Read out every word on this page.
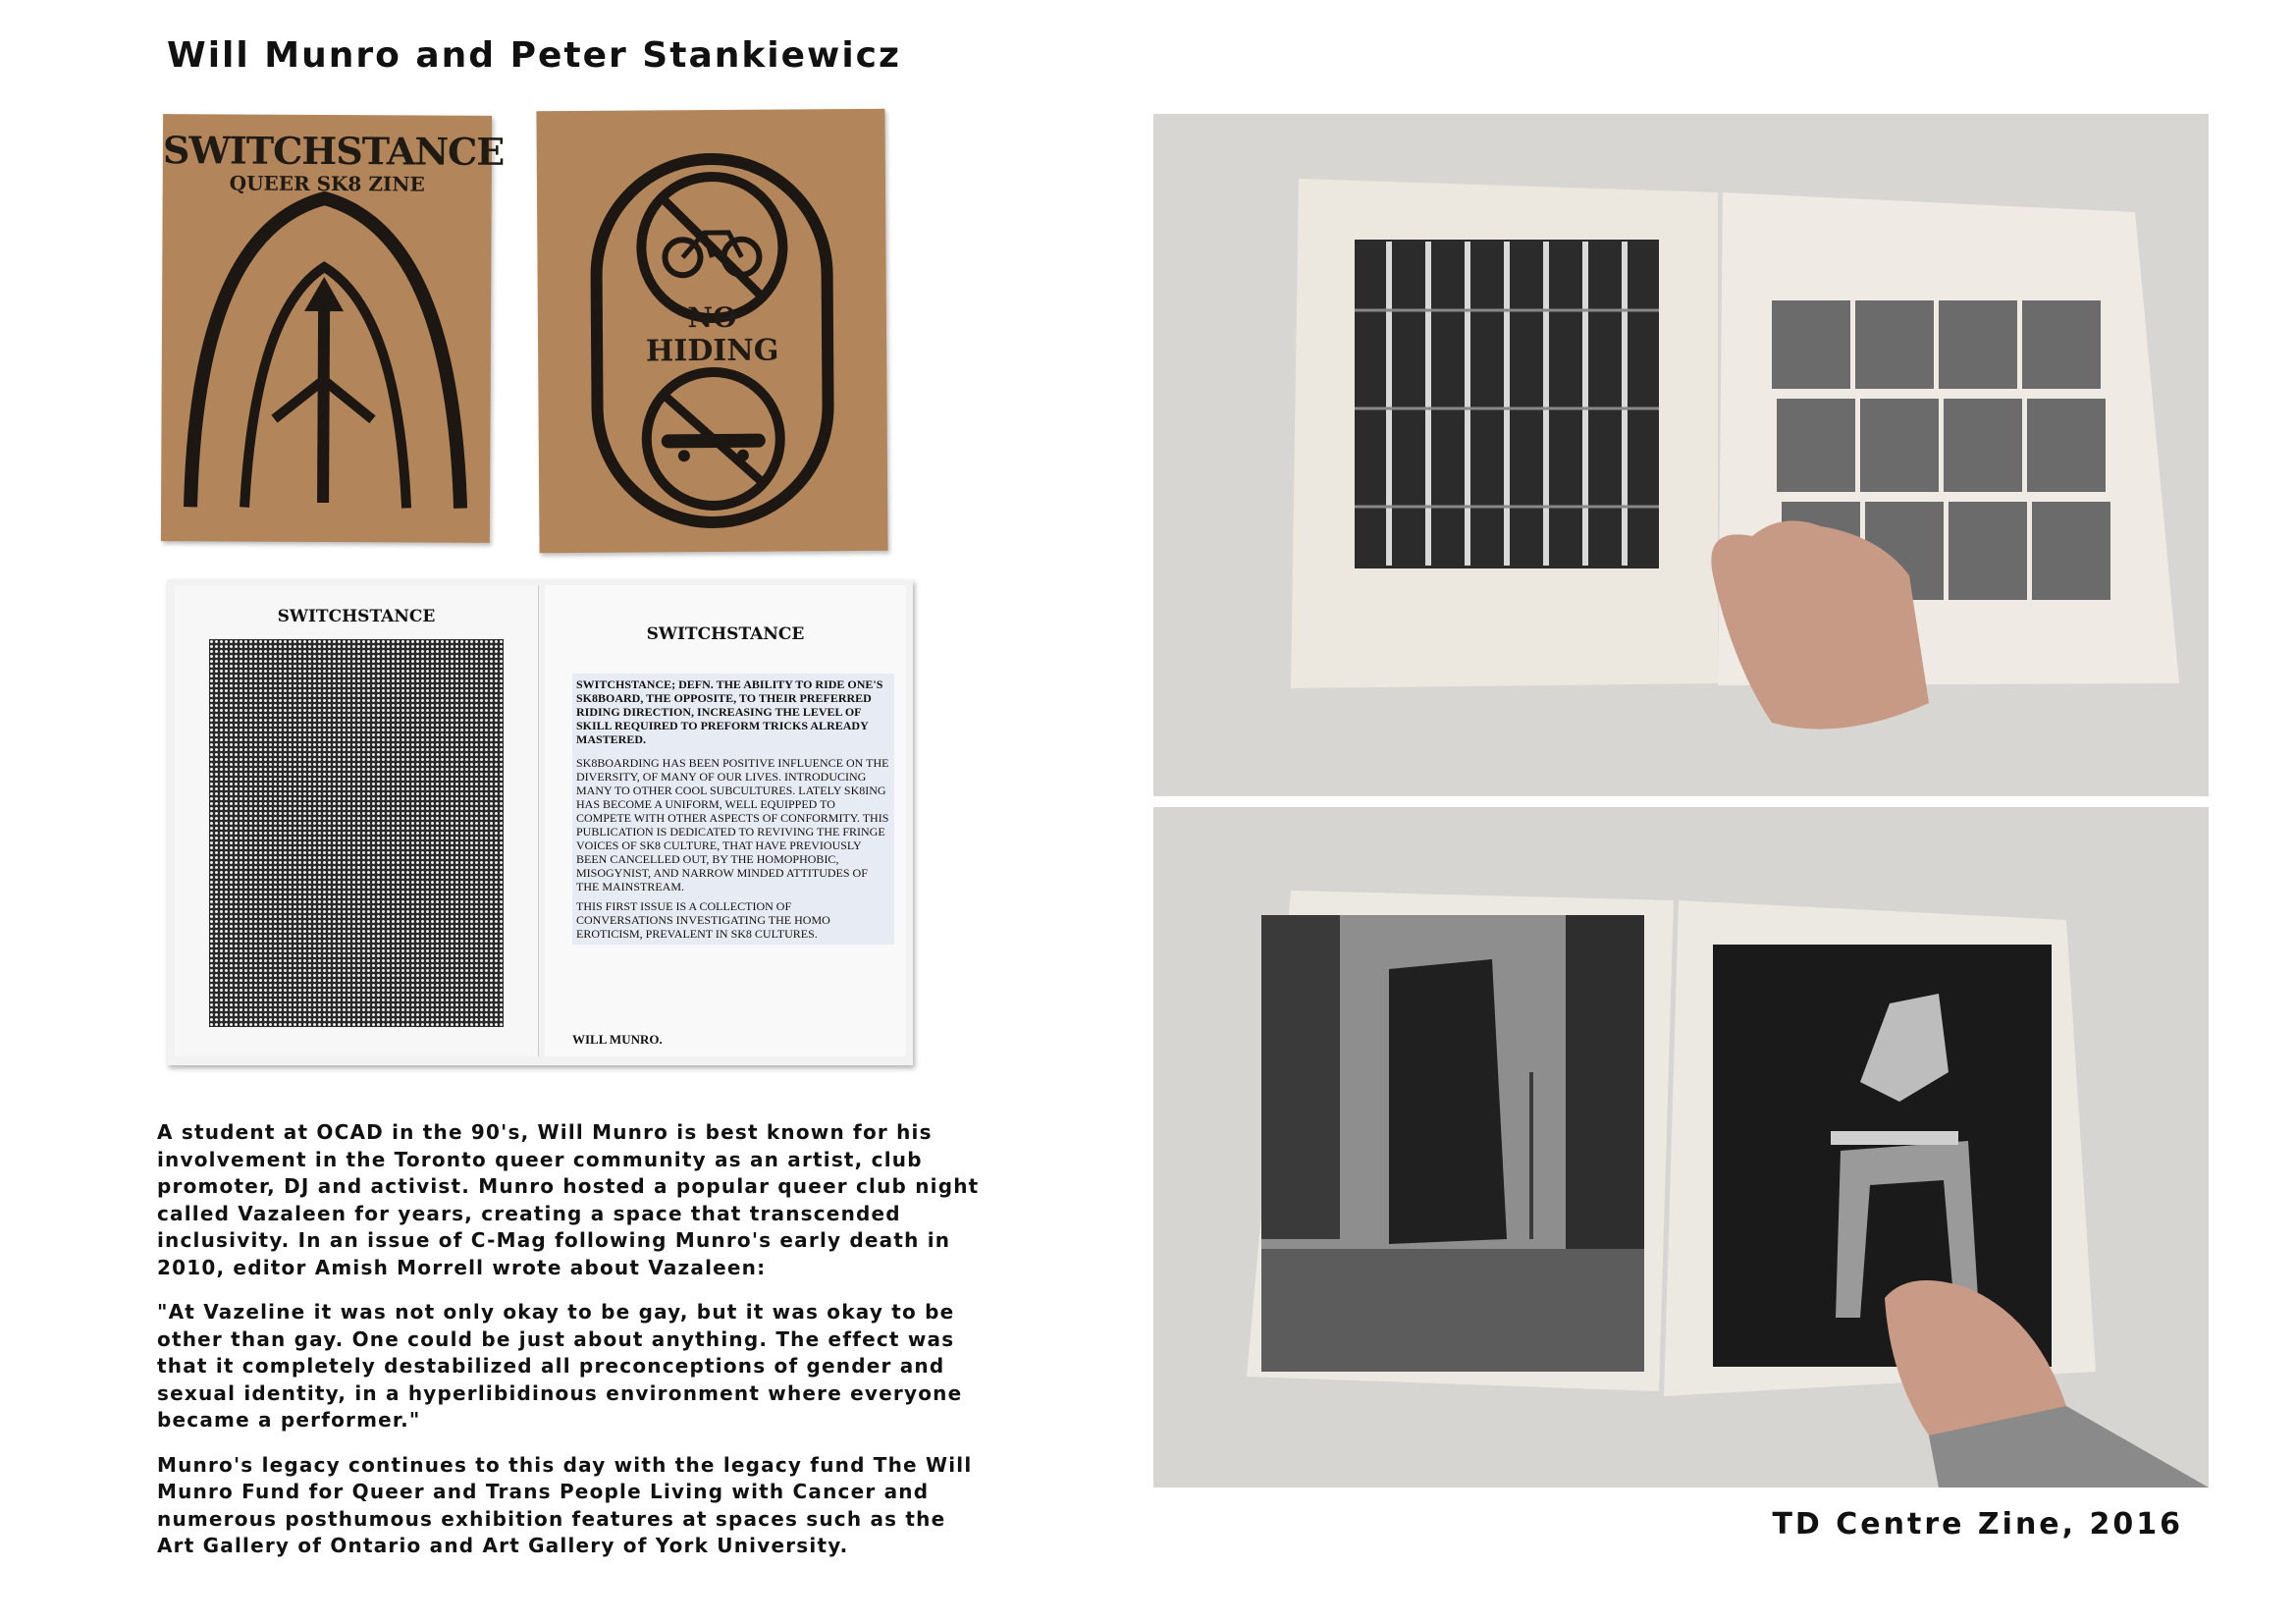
Will Munro and Peter Stankiewicz
SWITCHSTANCE
QUEER SK8 ZINE
NO
HIDING
SWITCHSTANCE
SWITCHSTANCE
SWITCHSTANCE; DEFN. THE ABILITY TO RIDE ONE'S SK8BOARD, THE OPPOSITE, TO THEIR PREFERRED RIDING DIRECTION, INCREASING THE LEVEL OF SKILL REQUIRED TO PREFORM TRICKS ALREADY MASTERED.
SK8BOARDING HAS BEEN POSITIVE INFLUENCE ON THE DIVERSITY, OF MANY OF OUR LIVES. INTRODUCING MANY TO OTHER COOL SUBCULTURES. LATELY SK8ING HAS BECOME A UNIFORM, WELL EQUIPPED TO COMPETE WITH OTHER ASPECTS OF CONFORMITY. THIS PUBLICATION IS DEDICATED TO REVIVING THE FRINGE VOICES OF SK8 CULTURE, THAT HAVE PREVIOUSLY BEEN CANCELLED OUT, BY THE HOMOPHOBIC, MISOGYNIST, AND NARROW MINDED ATTITUDES OF THE MAINSTREAM.
THIS FIRST ISSUE IS A COLLECTION OF CONVERSATIONS INVESTIGATING THE HOMO EROTICISM, PREVALENT IN SK8 CULTURES.
WILL MUNRO.

A student at OCAD in the 90's, Will Munro is best known for his involvement in the Toronto queer community as an artist, club promoter, DJ and activist. Munro hosted a popular queer club night called Vazaleen for years, creating a space that transcended inclusivity. In an issue of C-Mag following Munro's early death in 2010, editor Amish Morrell wrote about Vazaleen:

"At Vazeline it was not only okay to be gay, but it was okay to be other than gay. One could be just about anything. The effect was that it completely destabilized all preconceptions of gender and sexual identity, in a hyperlibidinous environment where everyone became a performer."

Munro's legacy continues to this day with the legacy fund The Will Munro Fund for Queer and Trans People Living with Cancer and numerous posthumous exhibition features at spaces such as the Art Gallery of Ontario and Art Gallery of York University.

TD Centre Zine, 2016
